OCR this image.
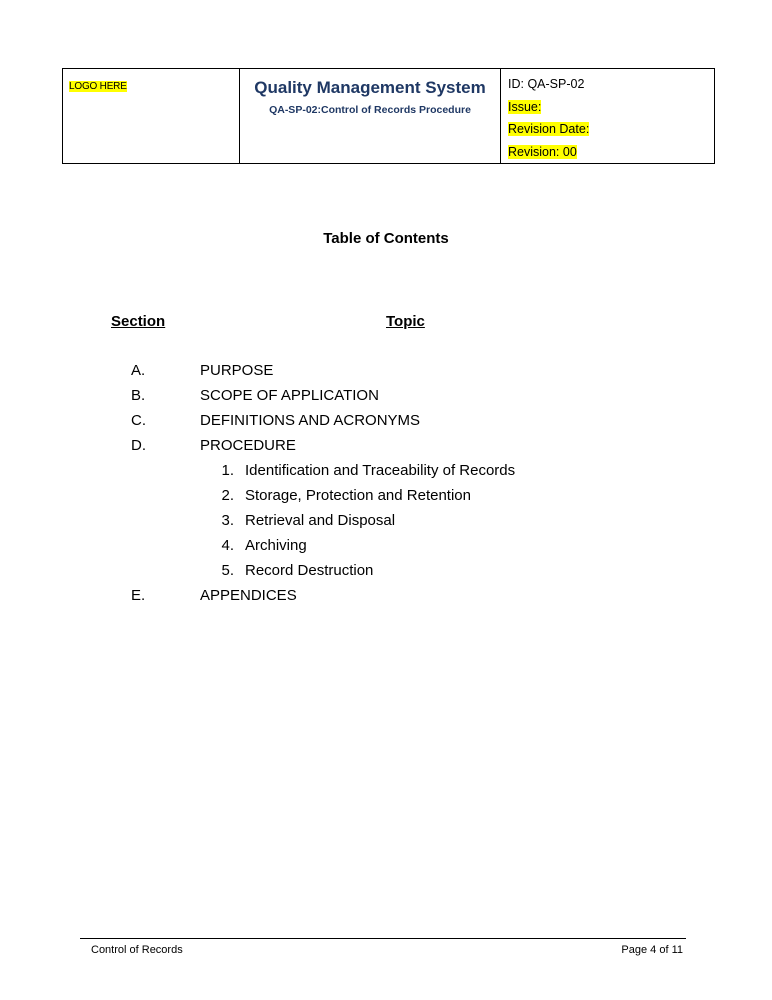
LOGO HERE	Quality Management System
QA-SP-02:Control of Records Procedure
ID: QA-SP-02
Issue:
Revision Date:
Revision: 00
Table of Contents
Section	Topic
A.	PURPOSE
B.	SCOPE OF APPLICATION
C.	DEFINITIONS AND ACRONYMS
D.	PROCEDURE
1. Identification and Traceability of Records
2. Storage, Protection and Retention
3. Retrieval and Disposal
4. Archiving
5. Record Destruction
E.	APPENDICES
Control of Records	Page 4 of 11
